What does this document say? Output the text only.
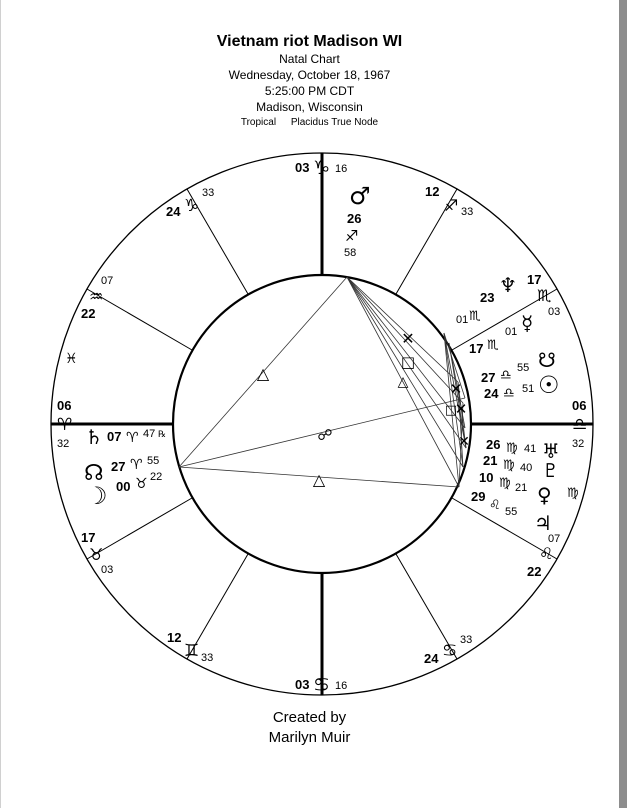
Vietnam riot Madison WI
Natal Chart
Wednesday, October 18, 1967
5:25:00 PM CDT
Madison, Wisconsin
Tropical Placidus True Node
△
△
☍
✕
□
△	✕
✕
□
✕
03 ♑ 16
03 ♋ 16
06
♈
32
06
♎
32
24 ♑
33	12
♐ 33
07
♒
22
17
♏
03
17
♉
03
07
♌
22
12
♊ 33	24 ♋
33
♓
♍
♂
26
♐
58
♆
23
♏
01	☿
01
♏
17	☋
27 ♎ 55
☉
24 ♎ 51
♅
26 ♍ 41
♇
21 ♍ 40
♀
10 ♍ 21
♃
29
♌ 55
♄ 07 ♈ 47 ℞
☊ 27 ♈ 55
☽ 00 ♉ 22
Created by
Marilyn Muir
